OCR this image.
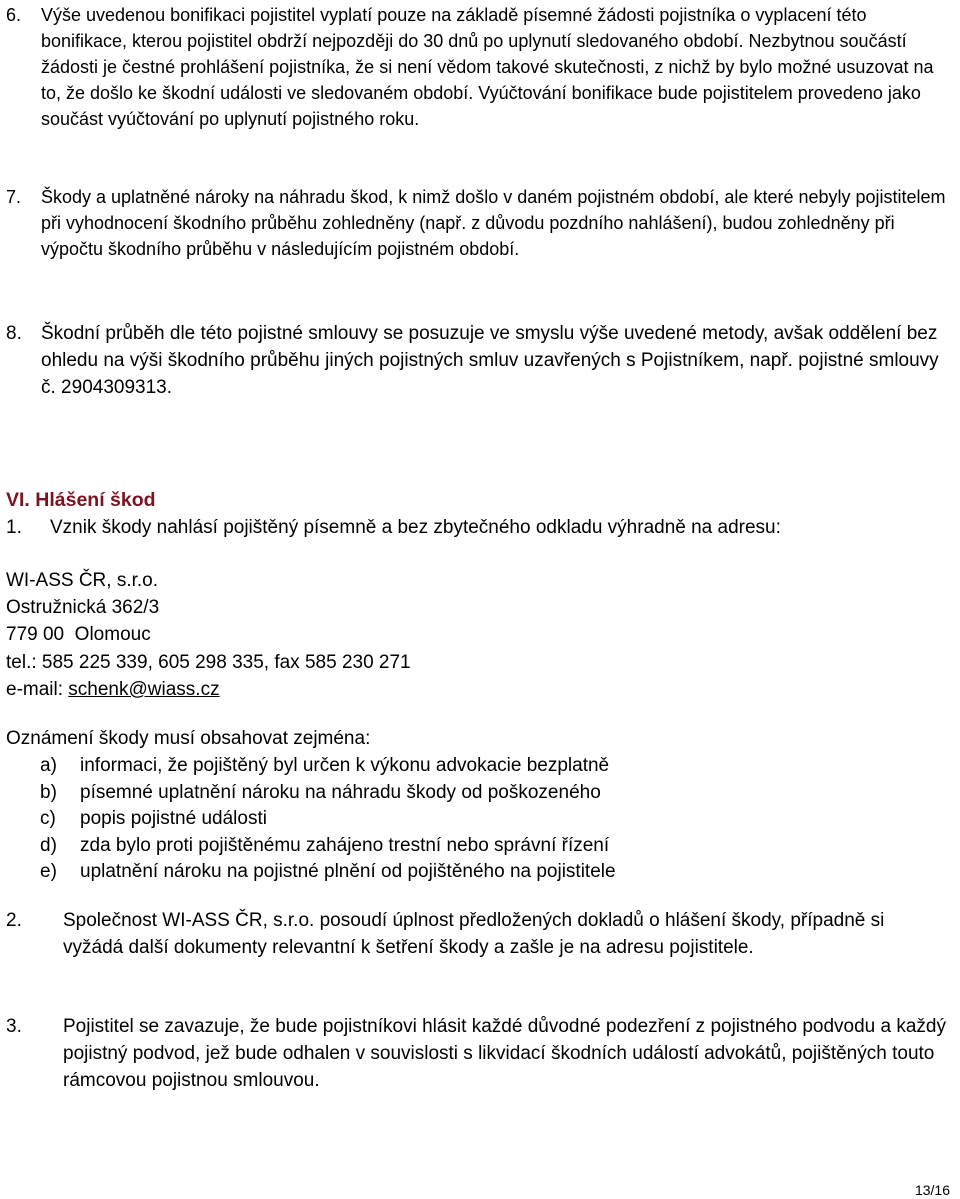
6. Výše uvedenou bonifikaci pojistitel vyplatí pouze na základě písemné žádosti pojistníka o vyplacení této bonifikace, kterou pojistitel obdrží nejpozději do 30 dnů po uplynutí sledovaného období. Nezbytnou součástí žádosti je čestné prohlášení pojistníka, že si není vědom takové skutečnosti, z nichž by bylo možné usuzovat na to, že došlo ke škodní události ve sledovaném období. Vyúčtování bonifikace bude pojistitelem provedeno jako součást vyúčtování po uplynutí pojistného roku.
7. Škody a uplatněné nároky na náhradu škod, k nimž došlo v daném pojistném období, ale které nebyly pojistitelem při vyhodnocení škodního průběhu zohledněny (např. z důvodu pozdního nahlášení), budou zohledněny při výpočtu škodního průběhu v následujícím pojistném období.
8. Škodní průběh dle této pojistné smlouvy se posuzuje ve smyslu výše uvedené metody, avšak oddělení bez ohledu na výši škodního průběhu jiných pojistných smluv uzavřených s Pojistníkem, např. pojistné smlouvy č. 2904309313.
VI. Hlášení škod
1. Vznik škody nahlásí pojištěný písemně a bez zbytečného odkladu výhradně na adresu:
WI-ASS ČR, s.r.o.
Ostružnická 362/3
779 00  Olomouc
tel.: 585 225 339, 605 298 335, fax 585 230 271
e-mail: schenk@wiass.cz
Oznámení škody musí obsahovat zejména:
a) informaci, že pojištěný byl určen k výkonu advokacie bezplatně
b) písemné uplatnění nároku na náhradu škody od poškozeného
c) popis pojistné události
d) zda bylo proti pojištěnému zahájeno trestní nebo správní řízení
e) uplatnění nároku na pojistné plnění od pojištěného na pojistitele
2. Společnost WI-ASS ČR, s.r.o. posoudí úplnost předložených dokladů o hlášení škody, případně si vyžádá další dokumenty relevantní k šetření škody a zašle je na adresu pojistitele.
3. Pojistitel se zavazuje, že bude pojistníkovi hlásit každé důvodné podezření z pojistného podvodu a každý pojistný podvod, jež bude odhalen v souvislosti s likvidací škodních událostí advokátů, pojištěných touto rámcovou pojistnou smlouvou.
13/16
